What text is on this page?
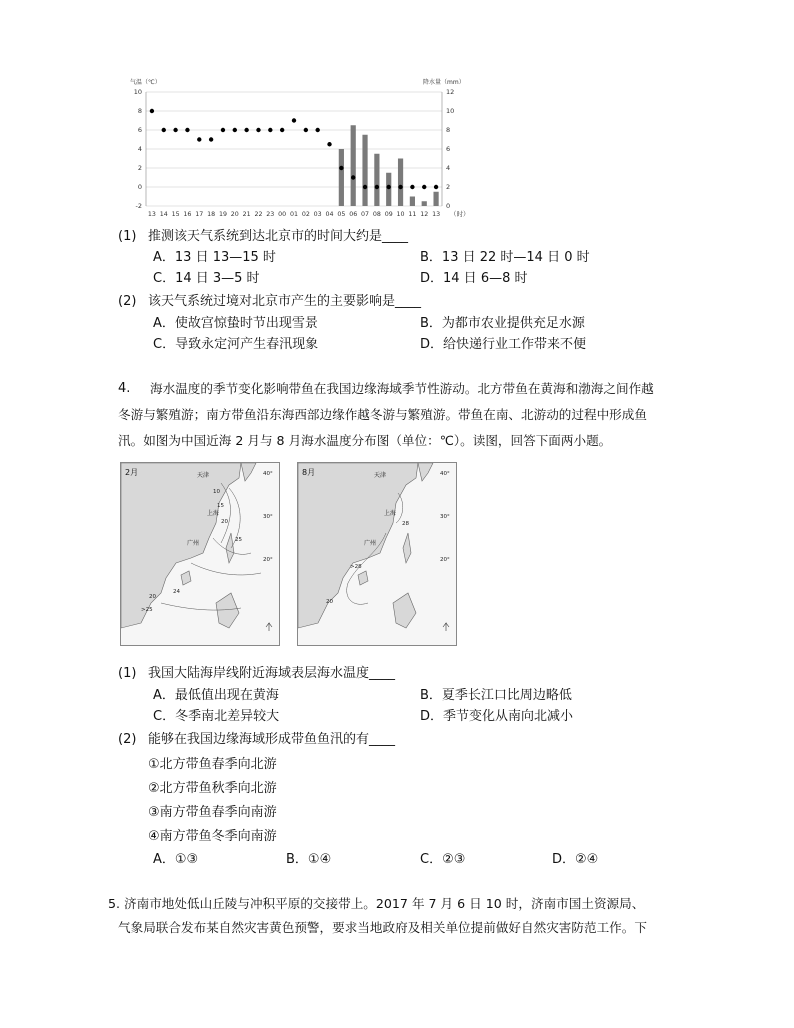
气温（℃）	降水量（mm）
10
8
6
4
2
0
-2
12
10
8
6
4
2
0
13 14 15 16 17 18 19 20 21 22 23 00 01 02 03 04 05 06 07 08 09 10 11 12 13 （时）
(1) 推测该天气系统到达北京市的时间大约是____
A．13 日 13—15 时	B．13 日 22 时—14 日 0 时
C．14 日 3—5 时	D．14 日 6—8 时
(2) 该天气系统过境对北京市产生的主要影响是____
A．使故宫惊蛰时节出现雪景	B．为都市农业提供充足水源
C．导致永定河产生春汛现象	D．给快递行业工作带来不便
4. 海水温度的季节变化影响带鱼在我国边缘海域季节性游动。北方带鱼在黄海和渤海之间作越
冬游与繁殖游；南方带鱼沿东海西部边缘作越冬游与繁殖游。带鱼在南、北游动的过程中形成鱼
汛。如图为中国近海 2 月与 8 月海水温度分布图（单位：℃）。读图，回答下面两小题。
2月	天津
上海
广州
40°
30°
20°
20
25
10
15
>25
20
24
8月	天津
上海
广州
40°
30°
20°
28
>28
20
(1) 我国大陆海岸线附近海域表层海水温度____
A．最低值出现在黄海	B．夏季长江口比周边略低
C．冬季南北差异较大	D．季节变化从南向北减小
(2) 能够在我国边缘海域形成带鱼鱼汛的有____
①北方带鱼春季向北游
②北方带鱼秋季向北游
③南方带鱼春季向南游
④南方带鱼冬季向南游
A．①③	B．①④	C．②③	D．②④
5. 济南市地处低山丘陵与冲积平原的交接带上。2017 年 7 月 6 日 10 时，济南市国土资源局、
气象局联合发布某自然灾害黄色预警，要求当地政府及相关单位提前做好自然灾害防范工作。下
